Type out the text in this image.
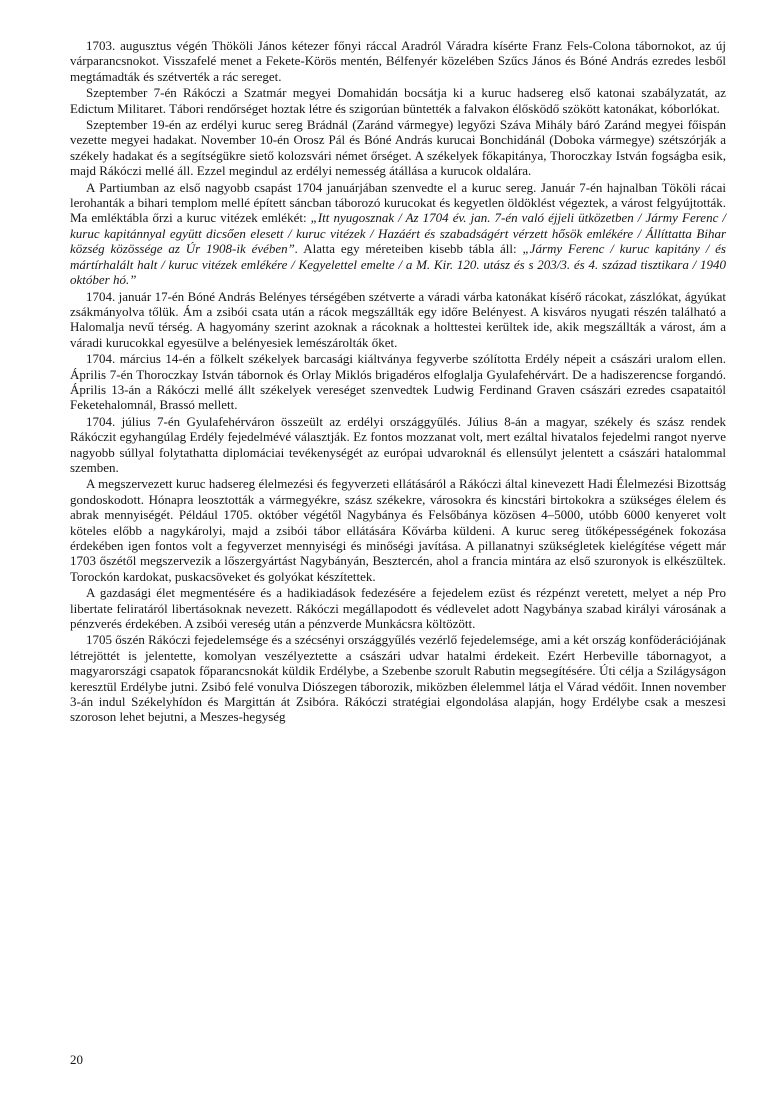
1703. augusztus végén Thököli János kétezer főnyi ráccal Aradról Váradra kísérte Franz Fels-Colona tábornokot, az új várparancsnokot. Visszafelé menet a Fekete-Körös mentén, Bélfenyér közelében Szűcs János és Bóné András ezredes lesből megtámadták és szétverték a rác sereget.

Szeptember 7-én Rákóczi a Szatmár megyei Domahidán bocsátja ki a kuruc hadsereg első katonai szabályzatát, az Edictum Militaret. Tábori rendőrséget hoztak létre és szigorúan büntették a falvakon élősködő szökött katonákat, kóborlókat.

Szeptember 19-én az erdélyi kuruc sereg Brádnál (Zaránd vármegye) legyőzi Száva Mihály báró Zaránd megyei főispán vezette megyei hadakat. November 10-én Orosz Pál és Bóné András kurucai Bonchidánál (Doboka vármegye) szétszórják a székely hadakat és a segítségükre siető kolozsvári német őrséget. A székelyek főkapitánya, Thoroczkay István fogságba esik, majd Rákóczi mellé áll. Ezzel megindul az erdélyi nemesség átállása a kurucok oldalára.

A Partiumban az első nagyobb csapást 1704 januárjában szenvedte el a kuruc sereg. Január 7-én hajnalban Tököli rácai lerohanták a bihari templom mellé épített sáncban táborozó kurucokat és kegyetlen öldöklést végeztek, a várost felgyújtották. Ma emléktábla őrzi a kuruc vitézek emlékét: „Itt nyugosznak / Az 1704 év. jan. 7-én való éjjeli ütközetben / Jármy Ferenc / kuruc kapitánnyal együtt dicsően elesett / kuruc vitézek / Hazáért és szabadságért vérzett hősök emlékére / Állíttatta Bihar község közössége az Úr 1908-ik évében”. Alatta egy méreteiben kisebb tábla áll: „Jármy Ferenc / kuruc kapitány / és mártírhalált halt / kuruc vitézek emlékére / Kegyelettel emelte / a M. Kir. 120. utász és s 203/3. és 4. század tisztikara / 1940 október hó.”

1704. január 17-én Bóné András Belényes térségében szétverte a váradi várba katonákat kísérő rácokat, zászlókat, ágyúkat zsákmányolva tőlük. Ám a zsibói csata után a rácok megszállták egy időre Belényest. A kisváros nyugati részén található a Halomalja nevű térség. A hagyomány szerint azoknak a rácoknak a holttestei kerültek ide, akik megszállták a várost, ám a váradi kurucokkal egyesülve a belényesiek lemészárolták őket.

1704. március 14-én a fölkelt székelyek barcasági kiáltványa fegyverbe szólította Erdély népeit a császári uralom ellen. Április 7-én Thoroczkay István tábornok és Orlay Miklós brigadéros elfoglalja Gyulafehérvárt. De a hadiszerencse forgandó. Április 13-án a Rákóczi mellé állt székelyek vereséget szenvedtek Ludwig Ferdinand Graven császári ezredes csapataitól Feketehalomnál, Brassó mellett.

1704. július 7-én Gyulafehérváron összeült az erdélyi országgyűlés. Július 8-án a magyar, székely és szász rendek Rákóczit egyhangúlag Erdély fejedelmévé választják. Ez fontos mozzanat volt, mert ezáltal hivatalos fejedelmi rangot nyerve nagyobb súllyal folytathatta diplomáciai tevékenységét az európai udvaroknál és ellensúlyt jelentett a császári hatalommal szemben.

A megszervezett kuruc hadsereg élelmezési és fegyverzeti ellátásáról a Rákóczi által kinevezett Hadi Élelmezési Bizottság gondoskodott. Hónapra leosztották a vármegyékre, szász székekre, városokra és kincstári birtokokra a szükséges élelem és abrak mennyiségét. Például 1705. október végétől Nagybánya és Felsőbánya közösen 4–5000, utóbb 6000 kenyeret volt köteles előbb a nagykárolyi, majd a zsibói tábor ellátására Kővárba küldeni. A kuruc sereg ütőképességének fokozása érdekében igen fontos volt a fegyverzet mennyiségi és minőségi javítása. A pillanatnyi szükségletek kielégítése végett már 1703 őszétől megszervezik a lőszergyártást Nagybányán, Besztercén, ahol a francia mintára az első szuronyok is elkészültek. Torockón kardokat, puskacsöveket és golyókat készítettek.

A gazdasági élet megmentésére és a hadikiadások fedezésére a fejedelem ezüst és rézpénzt veretett, melyet a nép Pro libertate feliratáról libertásoknak nevezett. Rákóczi megállapodott és védlevelet adott Nagybánya szabad királyi városának a pénzverés érdekében. A zsibói vereség után a pénzverde Munkácsra költözött.

1705 őszén Rákóczi fejedelemsége és a szécsényi országgyűlés vezérlő fejedelemsége, ami a két ország konföderációjának létrejöttét is jelentette, komolyan veszélyeztette a császári udvar hatalmi érdekeit. Ezért Herbeville tábornagyot, a magyarországi csapatok főparancsnokát küldik Erdélybe, a Szebenbe szorult Rabutin megsegítésére. Úti célja a Szilágyságon keresztül Erdélybe jutni. Zsibó felé vonulva Diószegen táborozik, miközben élelemmel látja el Várad védőit. Innen november 3-án indul Székelyhídon és Margittán át Zsibóra. Rákóczi stratégiai elgondolása alapján, hogy Erdélybe csak a meszesi szoroson lehet bejutni, a Meszes-hegység

20
